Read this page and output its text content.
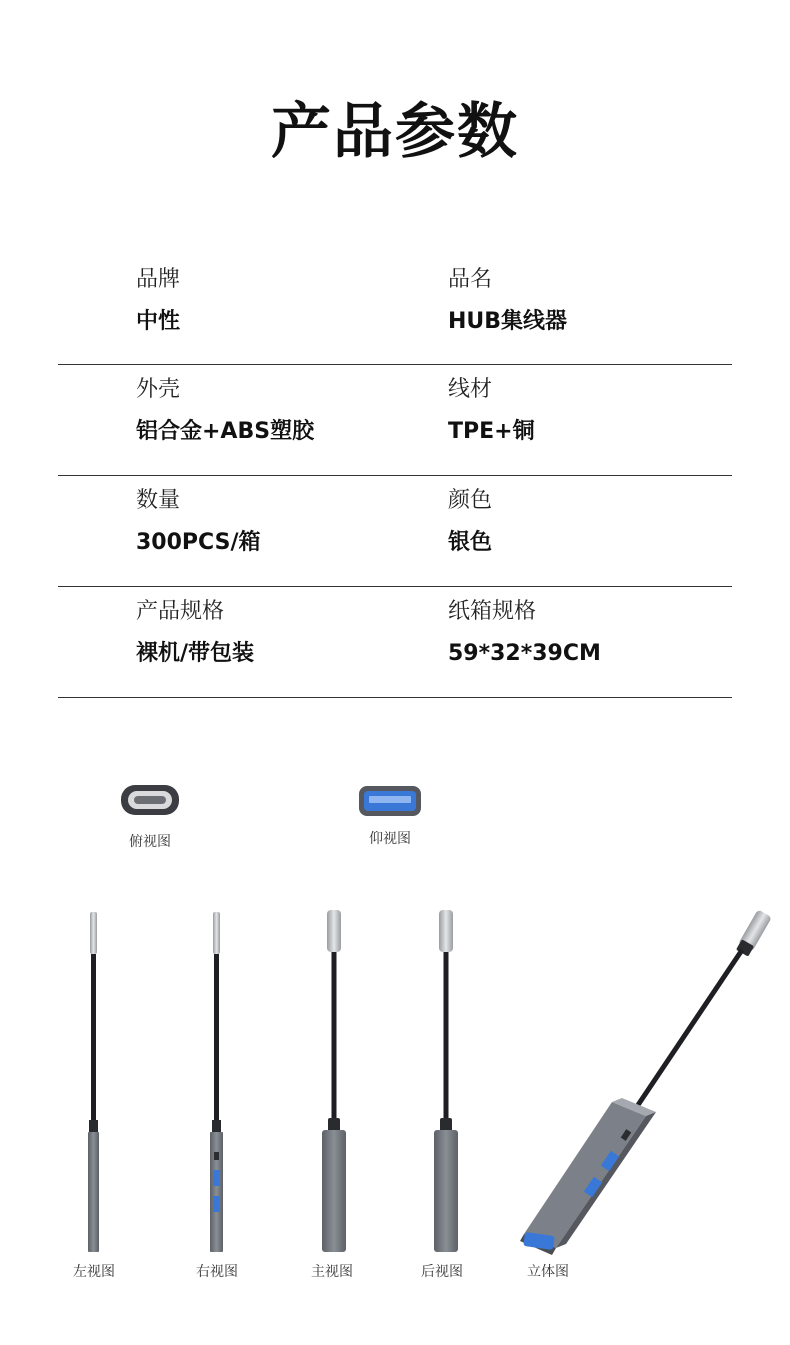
产品参数
品牌
中性
品名
HUB集线器
外壳
铝合金+ABS塑胶
线材
TPE+铜
数量
300PCS/箱
颜色
银色
产品规格
裸机/带包装
纸箱规格
59*32*39CM
俯视图	仰视图
左视图	右视图	主视图	后视图	立体图
